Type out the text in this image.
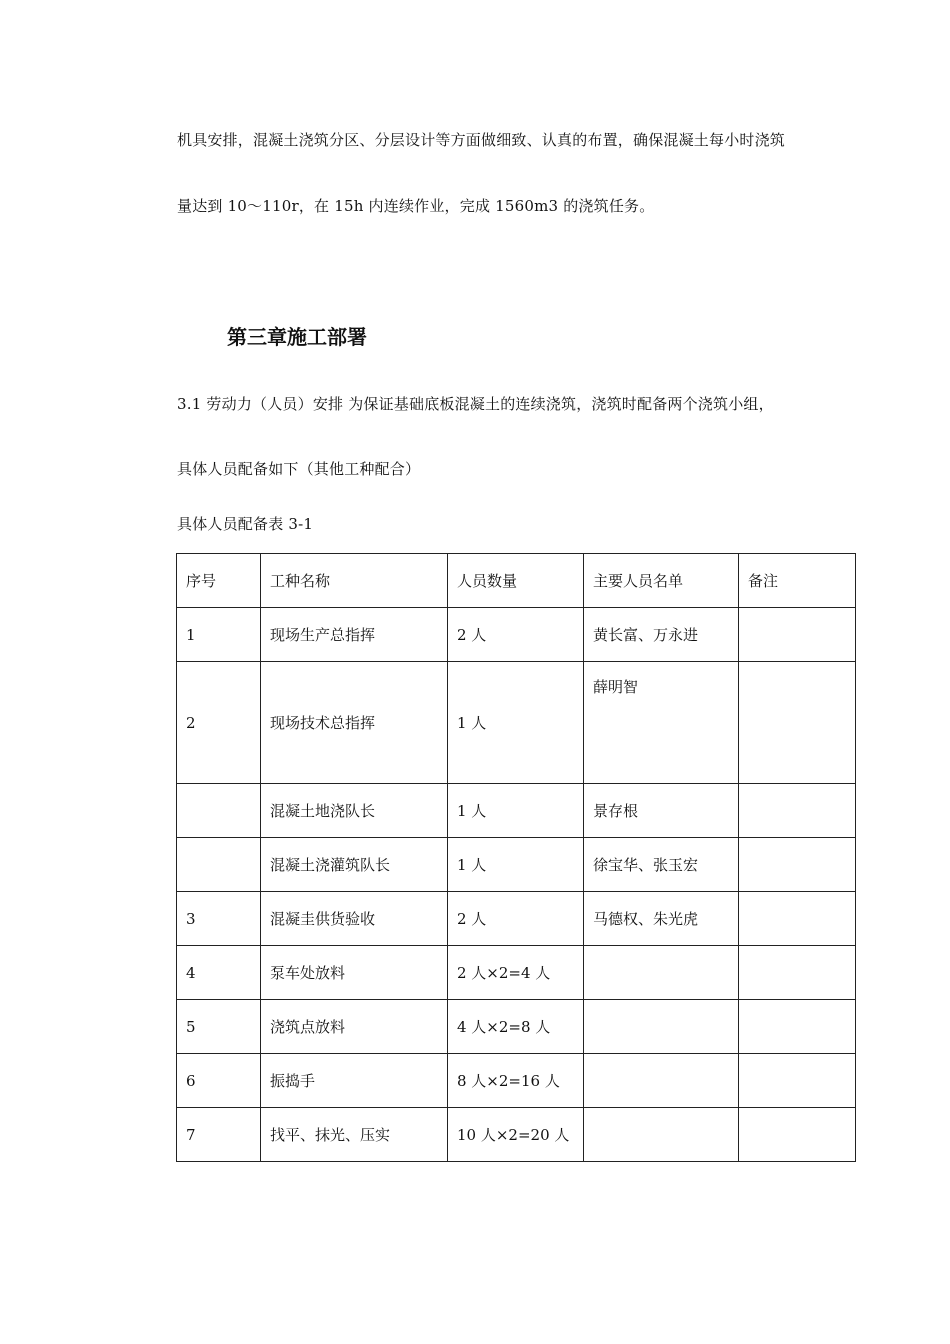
机具安排，混凝土浇筑分区、分层设计等方面做细致、认真的布置，确保混凝土每小时浇筑
量达到 10～110r，在 15h 内连续作业，完成 1560m3 的浇筑任务。
第三章施工部署
3.1 劳动力（人员）安排 为保证基础底板混凝土的连续浇筑，浇筑时配备两个浇筑小组，
具体人员配备如下（其他工种配合）
具体人员配备表 3-1
序号	工种名称	人员数量	主要人员名单	备注
1	现场生产总指挥	2 人	黄长富、万永进	
2	现场技术总指挥	1 人	薛明智	
	混凝土地浇队长	1 人	景存根	
	混凝土浇灌筑队长	1 人	徐宝华、张玉宏	
3	混凝圭供货验收	2 人	马德权、朱光虎	
4	泵车处放料	2 人×2=4 人		
5	浇筑点放料	4 人×2=8 人		
6	振捣手	8 人×2=16 人		
7	找平、抹光、压实	10 人×2=20 人		
